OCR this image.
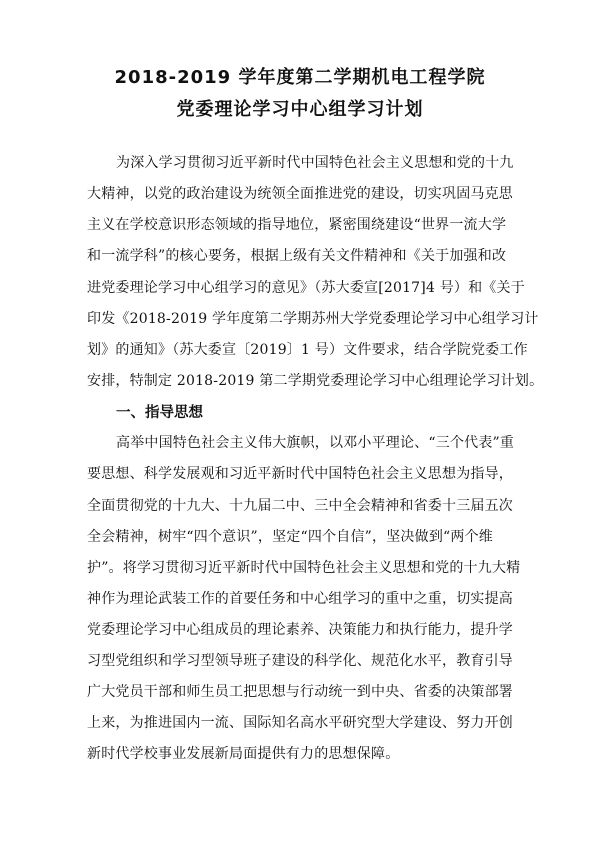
2018-2019 学年度第二学期机电工程学院
党委理论学习中心组学习计划
为深入学习贯彻习近平新时代中国特色社会主义思想和党的十九
大精神，以党的政治建设为统领全面推进党的建设，切实巩固马克思
主义在学校意识形态领域的指导地位，紧密围绕建设“世界一流大学
和一流学科”的核心要务，根据上级有关文件精神和《关于加强和改
进党委理论学习中心组学习的意见》（苏大委宣[2017]4 号）和《关于
印发《2018-2019 学年度第二学期苏州大学党委理论学习中心组学习计
划》的通知》（苏大委宣〔2019〕1 号）文件要求，结合学院党委工作
安排，特制定 2018-2019 第二学期党委理论学习中心组理论学习计划。
一、指导思想
高举中国特色社会主义伟大旗帜，以邓小平理论、“三个代表”重
要思想、科学发展观和习近平新时代中国特色社会主义思想为指导，
全面贯彻党的十九大、十九届二中、三中全会精神和省委十三届五次
全会精神，树牢“四个意识”，坚定“四个自信”，坚决做到“两个维
护”。将学习贯彻习近平新时代中国特色社会主义思想和党的十九大精
神作为理论武装工作的首要任务和中心组学习的重中之重，切实提高
党委理论学习中心组成员的理论素养、决策能力和执行能力，提升学
习型党组织和学习型领导班子建设的科学化、规范化水平，教育引导
广大党员干部和师生员工把思想与行动统一到中央、省委的决策部署
上来，为推进国内一流、国际知名高水平研究型大学建设、努力开创
新时代学校事业发展新局面提供有力的思想保障。
